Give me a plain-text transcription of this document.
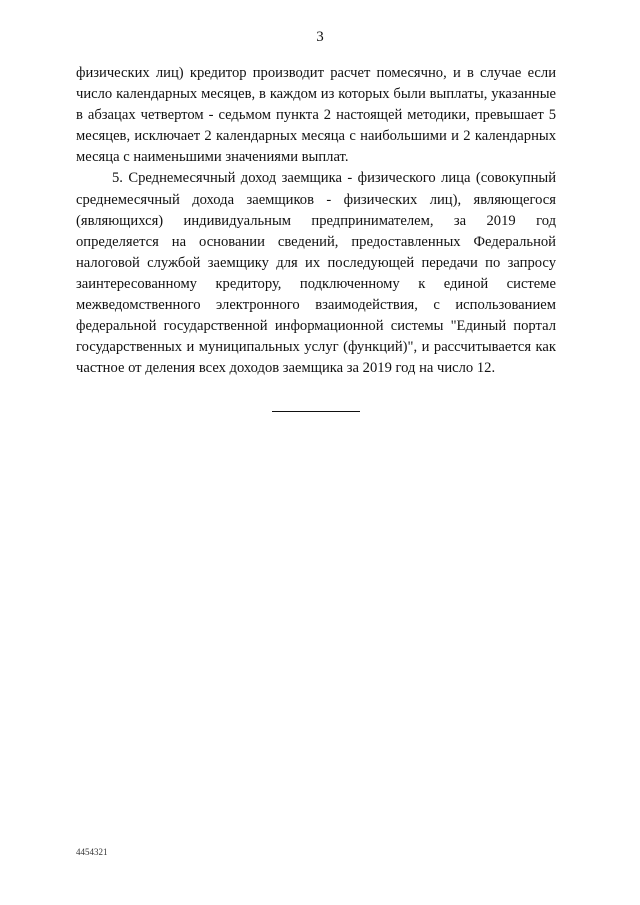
3

физических лиц) кредитор производит расчет помесячно, и в случае если число календарных месяцев, в каждом из которых были выплаты, указанные в абзацах четвертом - седьмом пункта 2 настоящей методики, превышает 5 месяцев, исключает 2 календарных месяца с наибольшими и 2 календарных месяца с наименьшими значениями выплат.

5. Среднемесячный доход заемщика - физического лица (совокупный среднемесячный дохода заемщиков - физических лиц), являющегося (являющихся) индивидуальным предпринимателем, за 2019 год определяется на основании сведений, предоставленных Федеральной налоговой службой заемщику для их последующей передачи по запросу заинтересованному кредитору, подключенному к единой системе межведомственного электронного взаимодействия, с использованием федеральной государственной информационной системы "Единый портал государственных и муниципальных услуг (функций)", и рассчитывается как частное от деления всех доходов заемщика за 2019 год на число 12.

4454321
